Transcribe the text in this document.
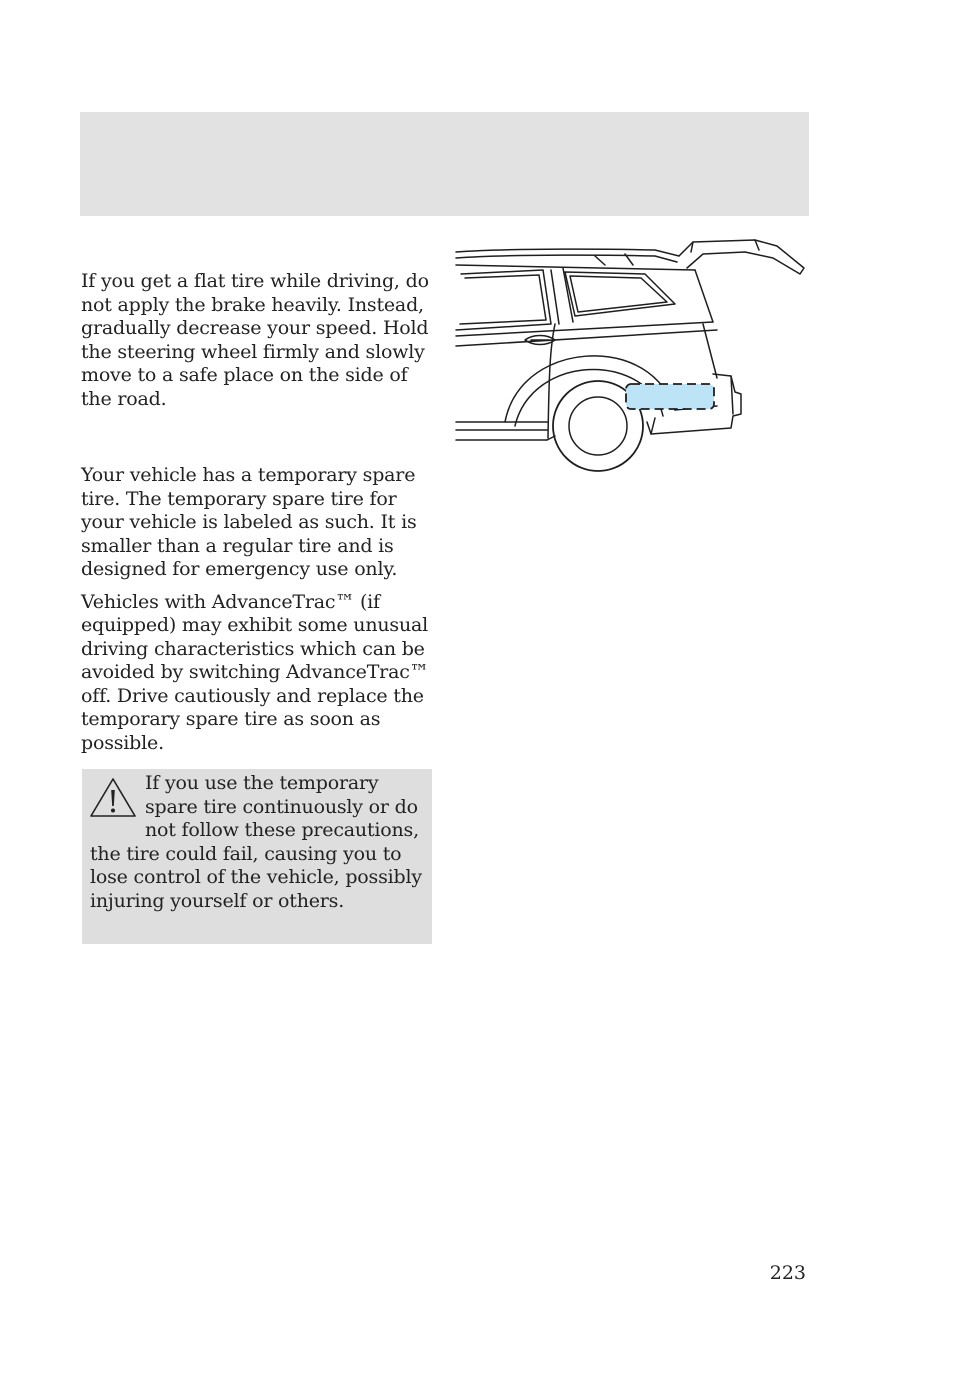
If you get a flat tire while driving, do not apply the brake heavily. Instead, gradually decrease your speed. Hold the steering wheel firmly and slowly move to a safe place on the side of the road.

Your vehicle has a temporary spare tire. The temporary spare tire for your vehicle is labeled as such. It is smaller than a regular tire and is designed for emergency use only.

Vehicles with AdvanceTrac™ (if equipped) may exhibit some unusual driving characteristics which can be avoided by switching AdvanceTrac™ off. Drive cautiously and replace the temporary spare tire as soon as possible.

If you use the temporary spare tire continuously or do not follow these precautions, the tire could fail, causing you to lose control of the vehicle, possibly injuring yourself or others.
223
